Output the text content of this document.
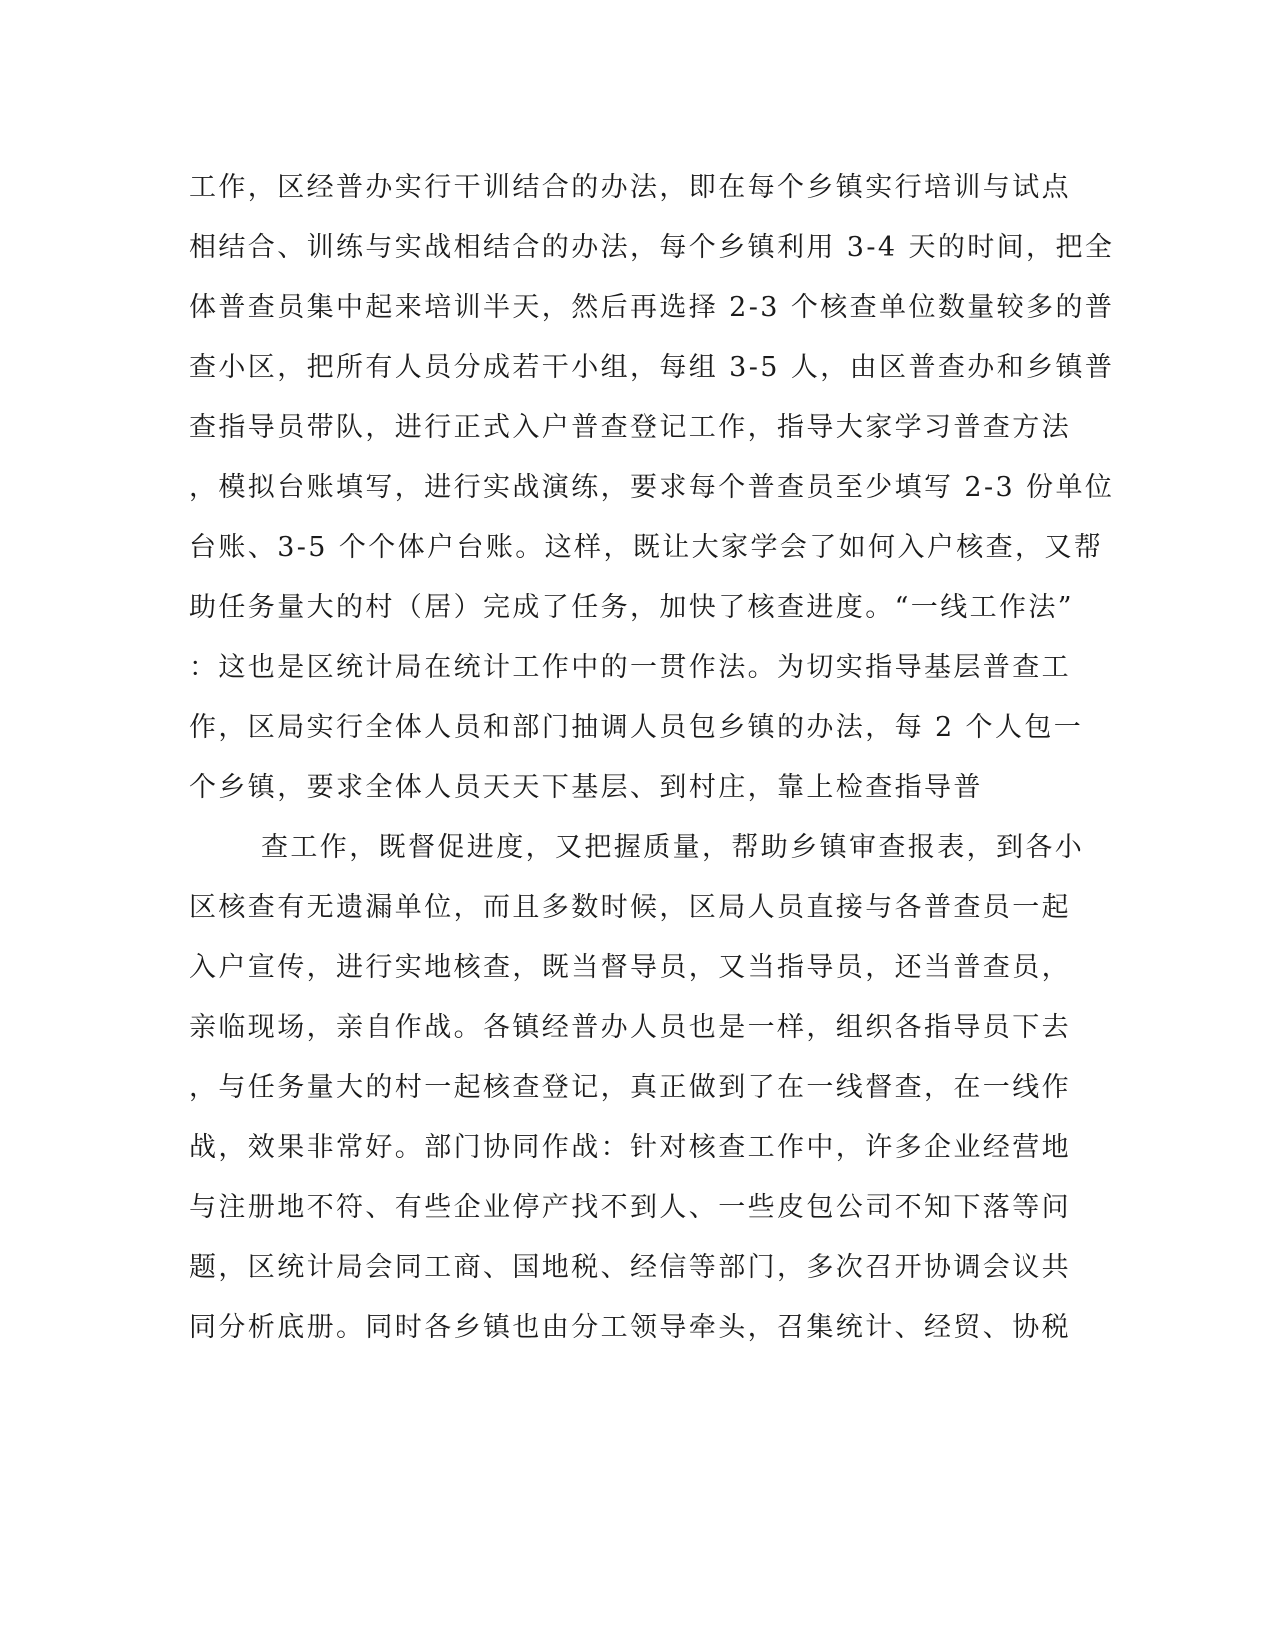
工作，区经普办实行干训结合的办法，即在每个乡镇实行培训与试点
相结合、训练与实战相结合的办法，每个乡镇利用 3-4 天的时间，把全
体普查员集中起来培训半天，然后再选择 2-3 个核查单位数量较多的普
查小区，把所有人员分成若干小组，每组 3-5 人，由区普查办和乡镇普
查指导员带队，进行正式入户普查登记工作，指导大家学习普查方法
，模拟台账填写，进行实战演练，要求每个普查员至少填写 2-3 份单位
台账、3-5 个个体户台账。这样，既让大家学会了如何入户核查，又帮
助任务量大的村（居）完成了任务，加快了核查进度。“一线工作法”
：这也是区统计局在统计工作中的一贯作法。为切实指导基层普查工
作，区局实行全体人员和部门抽调人员包乡镇的办法，每 2 个人包一
个乡镇，要求全体人员天天下基层、到村庄，靠上检查指导普
查工作，既督促进度，又把握质量，帮助乡镇审查报表，到各小
区核查有无遗漏单位，而且多数时候，区局人员直接与各普查员一起
入户宣传，进行实地核查，既当督导员，又当指导员，还当普查员，
亲临现场，亲自作战。各镇经普办人员也是一样，组织各指导员下去
，与任务量大的村一起核查登记，真正做到了在一线督查，在一线作
战，效果非常好。部门协同作战：针对核查工作中，许多企业经营地
与注册地不符、有些企业停产找不到人、一些皮包公司不知下落等问
题，区统计局会同工商、国地税、经信等部门，多次召开协调会议共
同分析底册。同时各乡镇也由分工领导牵头，召集统计、经贸、协税
